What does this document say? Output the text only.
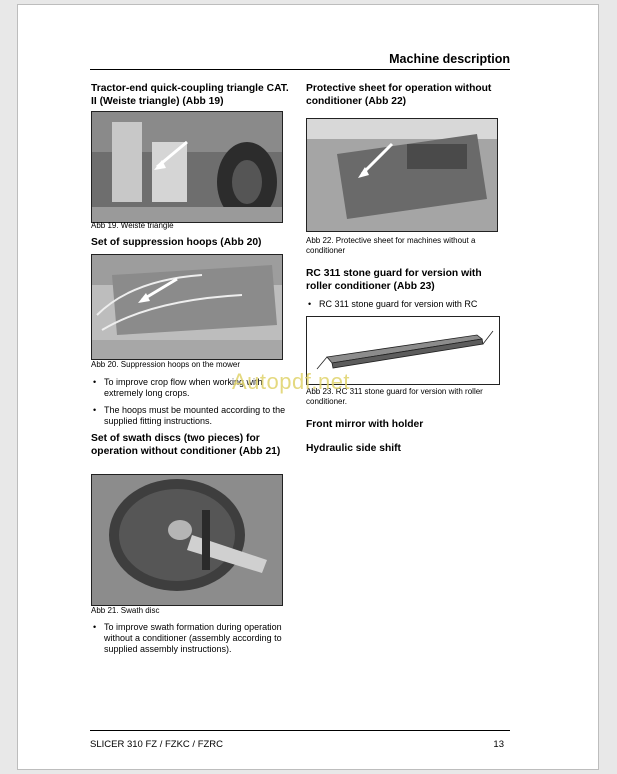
Machine description
Tractor-end quick-coupling triangle CAT. II (Weiste triangle) (Abb 19)
Abb 19. Weiste triangle
Set of suppression hoops (Abb 20)
Abb 20. Suppression hoops on the mower
• To improve crop flow when working with extremely long crops.
• The hoops must be mounted according to the supplied fitting instructions.
Set of swath discs (two pieces) for operation without conditioner (Abb 21)
Abb 21. Swath disc
• To improve swath formation during operation without a conditioner (assembly according to supplied assembly instructions).
Protective sheet for operation without conditioner (Abb 22)
Abb 22. Protective sheet for machines without a conditioner
RC 311 stone guard for version with roller conditioner (Abb 23)
• RC 311 stone guard for version with RC
Abb 23. RC 311 stone guard for version with roller conditioner.
Front mirror with holder
Hydraulic side shift
SLICER 310 FZ / FZKC / FZRC	13
Autopdf.net
